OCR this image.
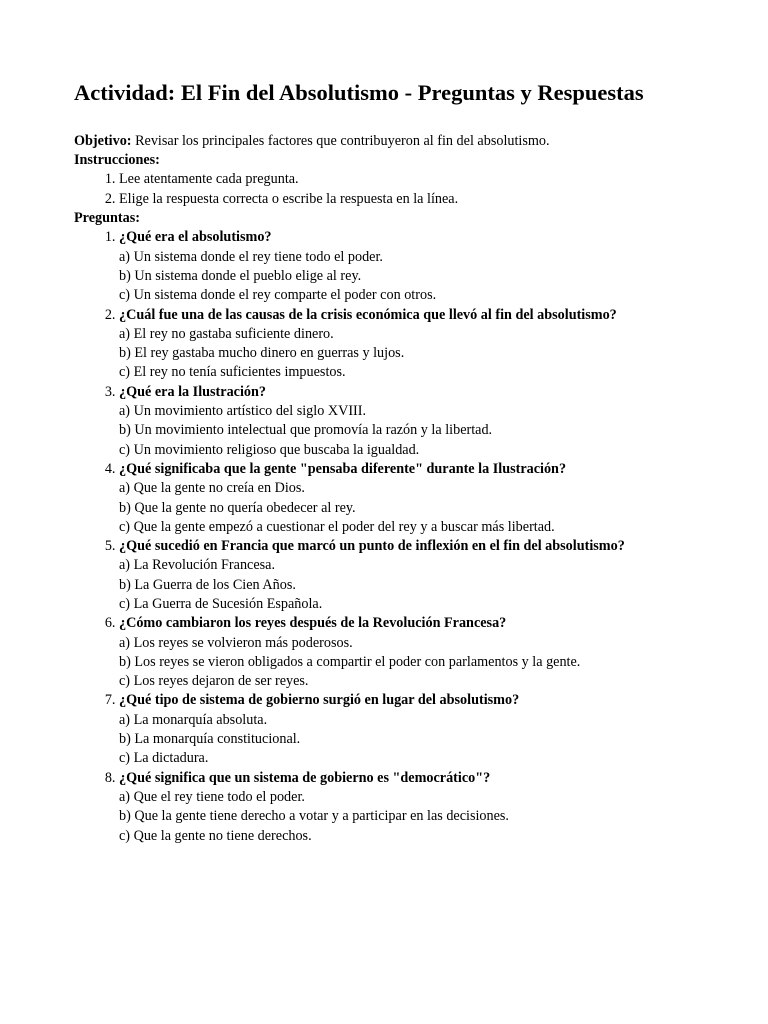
Actividad: El Fin del Absolutismo - Preguntas y Respuestas
Objetivo: Revisar los principales factores que contribuyeron al fin del absolutismo.
Instrucciones:
1. Lee atentamente cada pregunta.
2. Elige la respuesta correcta o escribe la respuesta en la línea.
Preguntas:
1. ¿Qué era el absolutismo?
a) Un sistema donde el rey tiene todo el poder.
b) Un sistema donde el pueblo elige al rey.
c) Un sistema donde el rey comparte el poder con otros.
2. ¿Cuál fue una de las causas de la crisis económica que llevó al fin del absolutismo?
a) El rey no gastaba suficiente dinero.
b) El rey gastaba mucho dinero en guerras y lujos.
c) El rey no tenía suficientes impuestos.
3. ¿Qué era la Ilustración?
a) Un movimiento artístico del siglo XVIII.
b) Un movimiento intelectual que promovía la razón y la libertad.
c) Un movimiento religioso que buscaba la igualdad.
4. ¿Qué significaba que la gente "pensaba diferente" durante la Ilustración?
a) Que la gente no creía en Dios.
b) Que la gente no quería obedecer al rey.
c) Que la gente empezó a cuestionar el poder del rey y a buscar más libertad.
5. ¿Qué sucedió en Francia que marcó un punto de inflexión en el fin del absolutismo?
a) La Revolución Francesa.
b) La Guerra de los Cien Años.
c) La Guerra de Sucesión Española.
6. ¿Cómo cambiaron los reyes después de la Revolución Francesa?
a) Los reyes se volvieron más poderosos.
b) Los reyes se vieron obligados a compartir el poder con parlamentos y la gente.
c) Los reyes dejaron de ser reyes.
7. ¿Qué tipo de sistema de gobierno surgió en lugar del absolutismo?
a) La monarquía absoluta.
b) La monarquía constitucional.
c) La dictadura.
8. ¿Qué significa que un sistema de gobierno es "democrático"?
a) Que el rey tiene todo el poder.
b) Que la gente tiene derecho a votar y a participar en las decisiones.
c) Que la gente no tiene derechos.
